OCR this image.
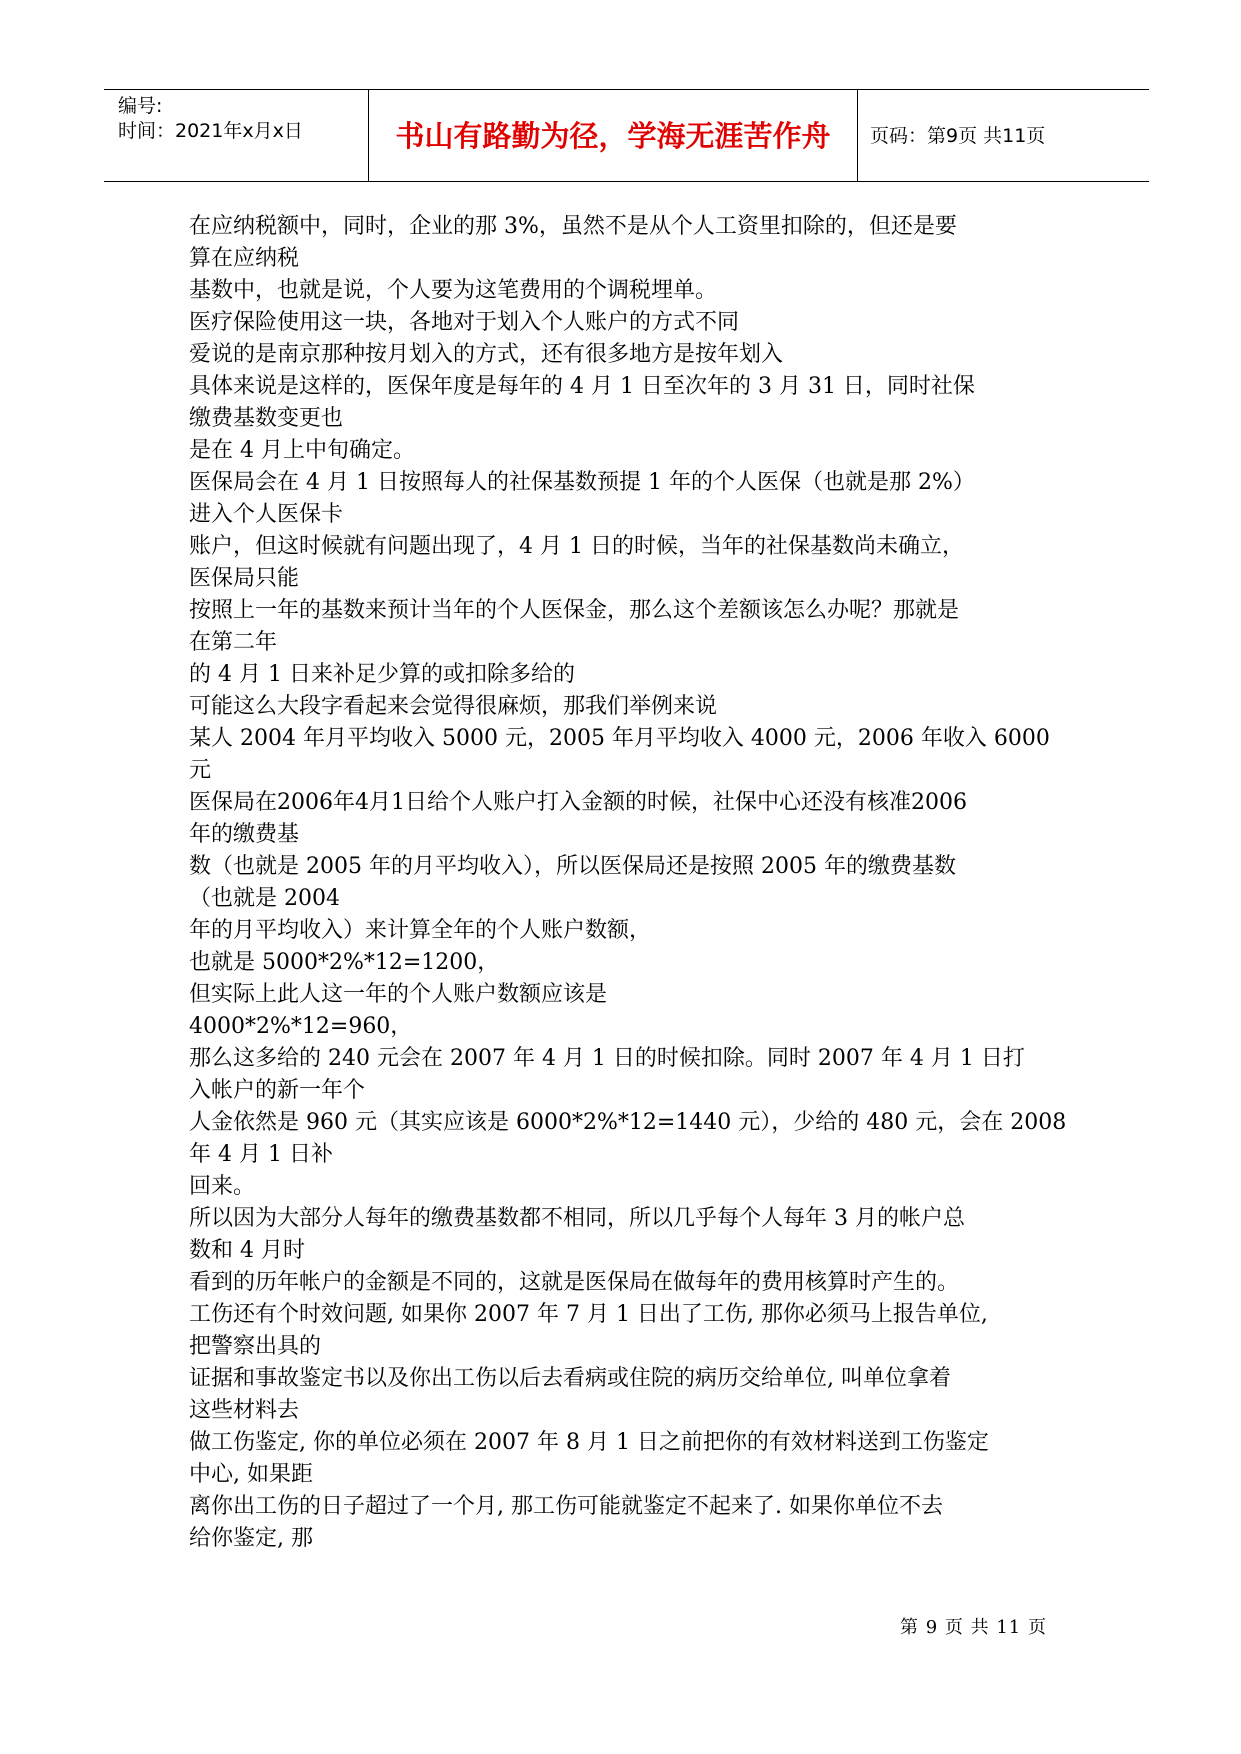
编号:
时间：2021年x月x日	书山有路勤为径，学海无涯苦作舟	页码：第9页 共11页

在应纳税额中，同时，企业的那 3%，虽然不是从个人工资里扣除的，但还是要

算在应纳税

基数中，也就是说，个人要为这笔费用的个调税埋单。

医疗保险使用这一块，各地对于划入个人账户的方式不同

爱说的是南京那种按月划入的方式，还有很多地方是按年划入

具体来说是这样的，医保年度是每年的 4 月 1 日至次年的 3 月 31 日，同时社保

缴费基数变更也

是在 4 月上中旬确定。

医保局会在 4 月 1 日按照每人的社保基数预提 1 年的个人医保（也就是那 2%）

进入个人医保卡

账户，但这时候就有问题出现了，4 月 1 日的时候，当年的社保基数尚未确立，

医保局只能

按照上一年的基数来预计当年的个人医保金，那么这个差额该怎么办呢？那就是

在第二年

的 4 月 1 日来补足少算的或扣除多给的

可能这么大段字看起来会觉得很麻烦，那我们举例来说

某人 2004 年月平均收入 5000 元，2005 年月平均收入 4000 元，2006 年收入 6000

元

医保局在2006年4月1日给个人账户打入金额的时候，社保中心还没有核准2006

年的缴费基

数（也就是 2005 年的月平均收入），所以医保局还是按照 2005 年的缴费基数

（也就是 2004

年的月平均收入）来计算全年的个人账户数额，

也就是 5000*2%*12=1200，

但实际上此人这一年的个人账户数额应该是

4000*2%*12=960，

那么这多给的 240 元会在 2007 年 4 月 1 日的时候扣除。同时 2007 年 4 月 1 日打

入帐户的新一年个

人金依然是 960 元（其实应该是 6000*2%*12=1440 元），少给的 480 元，会在 2008

年 4 月 1 日补

回来。

所以因为大部分人每年的缴费基数都不相同，所以几乎每个人每年 3 月的帐户总

数和 4 月时

看到的历年帐户的金额是不同的，这就是医保局在做每年的费用核算时产生的。

工伤还有个时效问题, 如果你 2007 年 7 月 1 日出了工伤, 那你必须马上报告单位,

把警察出具的

证据和事故鉴定书以及你出工伤以后去看病或住院的病历交给单位, 叫单位拿着

这些材料去

做工伤鉴定, 你的单位必须在 2007 年 8 月 1 日之前把你的有效材料送到工伤鉴定

中心, 如果距

离你出工伤的日子超过了一个月, 那工伤可能就鉴定不起来了. 如果你单位不去

给你鉴定, 那

第 9 页 共 11 页
